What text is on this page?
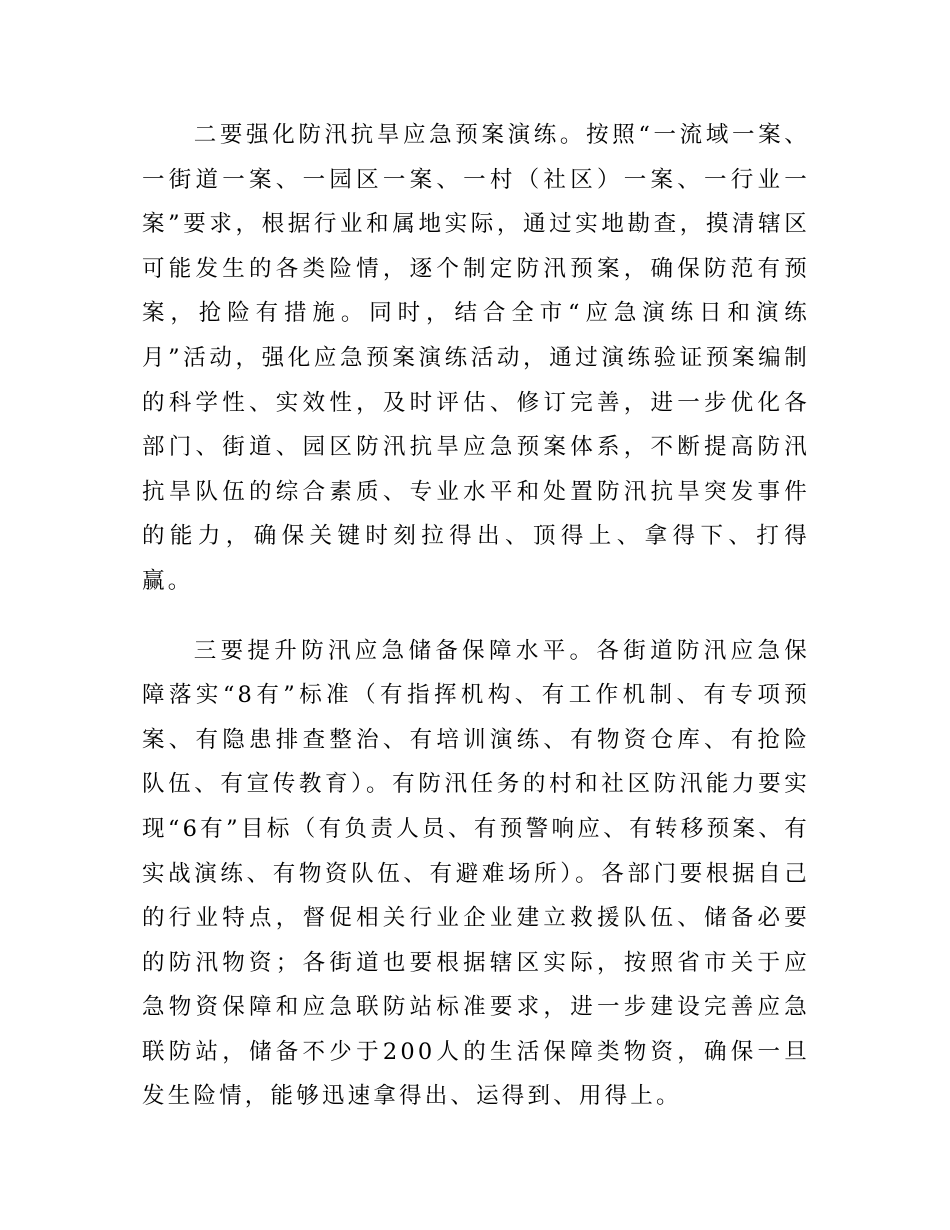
二要强化防汛抗旱应急预案演练。按照“一流域一案、一街道一案、一园区一案、一村（社区）一案、一行业一案”要求，根据行业和属地实际，通过实地勘查，摸清辖区可能发生的各类险情，逐个制定防汛预案，确保防范有预案，抢险有措施。同时，结合全市“应急演练日和演练月”活动，强化应急预案演练活动，通过演练验证预案编制的科学性、实效性，及时评估、修订完善，进一步优化各部门、街道、园区防汛抗旱应急预案体系，不断提高防汛抗旱队伍的综合素质、专业水平和处置防汛抗旱突发事件的能力，确保关键时刻拉得出、顶得上、拿得下、打得赢。

三要提升防汛应急储备保障水平。各街道防汛应急保障落实“8有”标准（有指挥机构、有工作机制、有专项预案、有隐患排查整治、有培训演练、有物资仓库、有抢险队伍、有宣传教育）。有防汛任务的村和社区防汛能力要实现“6有”目标（有负责人员、有预警响应、有转移预案、有实战演练、有物资队伍、有避难场所）。各部门要根据自己的行业特点，督促相关行业企业建立救援队伍、储备必要的防汛物资；各街道也要根据辖区实际，按照省市关于应急物资保障和应急联防站标准要求，进一步建设完善应急联防站，储备不少于200人的生活保障类物资，确保一旦发生险情，能够迅速拿得出、运得到、用得上。
